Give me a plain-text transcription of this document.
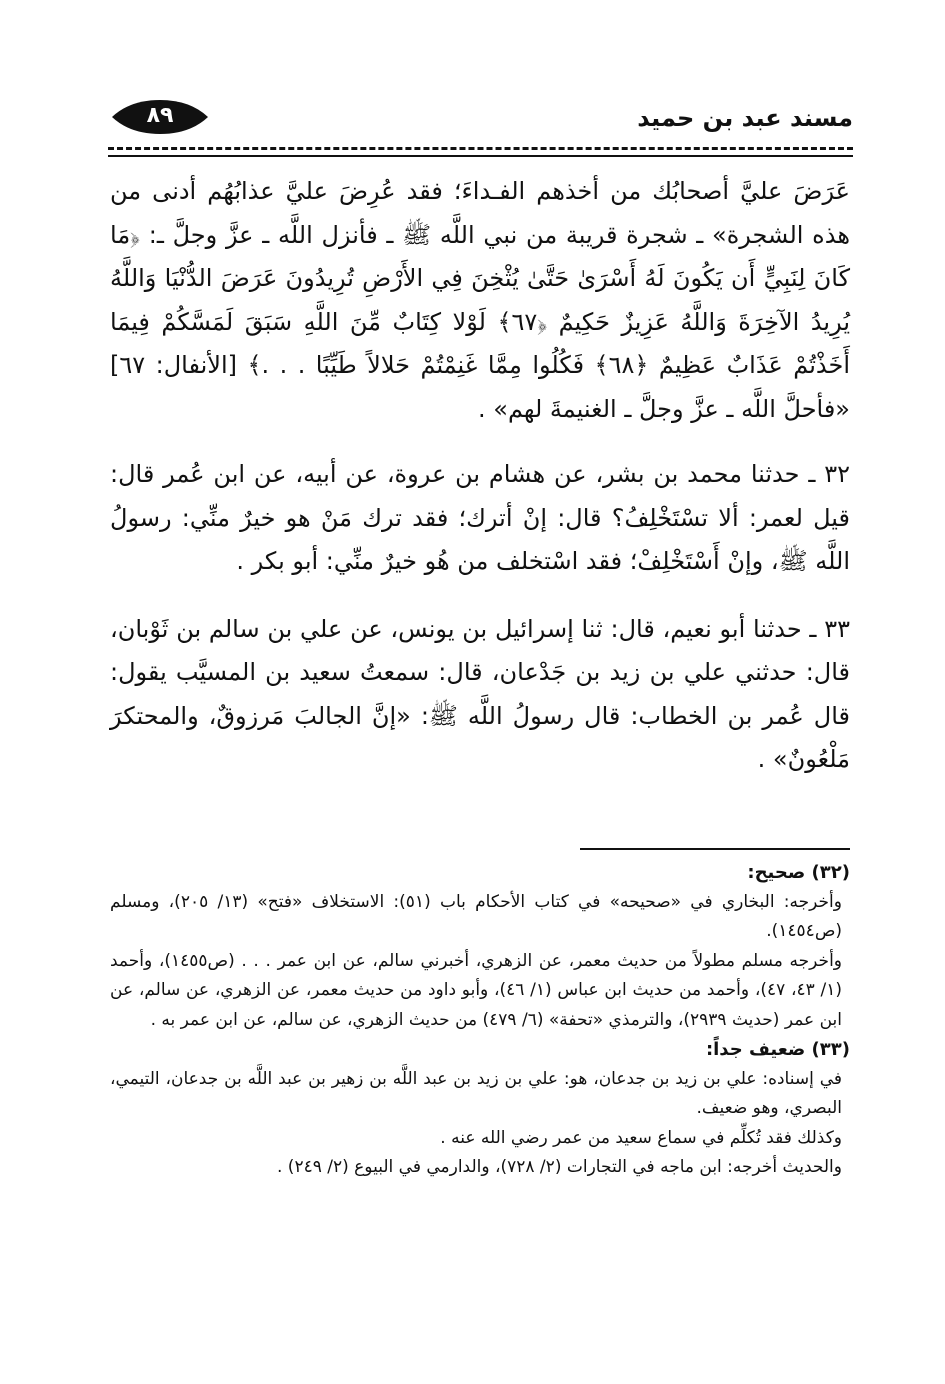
٨٩	مسند عبد بن حميد

عَرَضَ عليَّ أصحابُك من أخذهم الفـداءَ؛ فقد عُرِضَ عليَّ عذابُهُم أدنى من هذه الشجرة» ـ شجرة قريبة من نبي اللَّه ﷺ ـ فأنزل اللَّه ـ عزَّ وجلَّ ـ: ﴿مَا كَانَ لِنَبِيٍّ أَن يَكُونَ لَهُ أَسْرَىٰ حَتَّىٰ يُثْخِنَ فِي الأَرْضِ تُرِيدُونَ عَرَضَ الدُّنْيَا وَاللَّهُ يُرِيدُ الآخِرَةَ وَاللَّهُ عَزِيزٌ حَكِيمٌ ﴿٦٧﴾ لَوْلا كِتَابٌ مِّنَ اللَّهِ سَبَقَ لَمَسَّكُمْ فِيمَا أَخَذْتُمْ عَذَابٌ عَظِيمٌ ﴿٦٨﴾ فَكُلُوا مِمَّا غَنِمْتُمْ حَلالاً طَيِّبًا . . .﴾ [الأنفال: ٦٧] «فأحلَّ اللَّه ـ عزَّ وجلَّ ـ الغنيمةَ لهم» .

٣٢ ـ حدثنا محمد بن بشر، عن هشام بن عروة، عن أبيه، عن ابن عُمر قال: قيل لعمر: ألا تسْتَخْلِفُ؟ قال: إنْ أترك؛ فقد ترك مَنْ هو خيرٌ منِّي: رسولُ اللَّه ﷺ، وإنْ أَسْتَخْلِفْ؛ فقد اسْتخلف من هُو خيرٌ منِّي: أبو بكر .

٣٣ ـ حدثنا أبو نعيم، قال: ثنا إسرائيل بن يونس، عن علي بن سالم بن ثَوْبان، قال: حدثني علي بن زيد بن جَدْعان، قال: سمعتُ سعيد بن المسيَّب يقول: قال عُمر بن الخطاب: قال رسولُ اللَّه ﷺ: «إنَّ الجالبَ مَرزوقٌ، والمحتكرَ مَلْعُونٌ» .

(٣٢) صحيح:

وأخرجه: البخاري في «صحيحه» في كتاب الأحكام باب (٥١): الاستخلاف «فتح» (١٣/ ٢٠٥)، ومسلم (ص١٤٥٤).

وأخرجه مسلم مطولاً من حديث معمر، عن الزهري، أخبرني سالم، عن ابن عمر . . . (ص١٤٥٥)، وأحمد (١/ ٤٣، ٤٧)، وأحمد من حديث ابن عباس (١/ ٤٦)، وأبو داود من حديث معمر، عن الزهري، عن سالم، عن ابن عمر (حديث ٢٩٣٩)، والترمذي «تحفة» (٦/ ٤٧٩) من حديث الزهري، عن سالم، عن ابن عمر به .

(٣٣) ضعيف جداً:

في إسناده: علي بن زيد بن جدعان، هو: علي بن زيد بن عبد اللَّه بن زهير بن عبد اللَّه بن جدعان، التيمي، البصري، وهو ضعيف.

وكذلك فقد تُكلِّم في سماع سعيد من عمر رضي الله عنه .

والحديث أخرجه: ابن ماجه في التجارات (٢/ ٧٢٨)، والدارمي في البيوع (٢/ ٢٤٩) .
